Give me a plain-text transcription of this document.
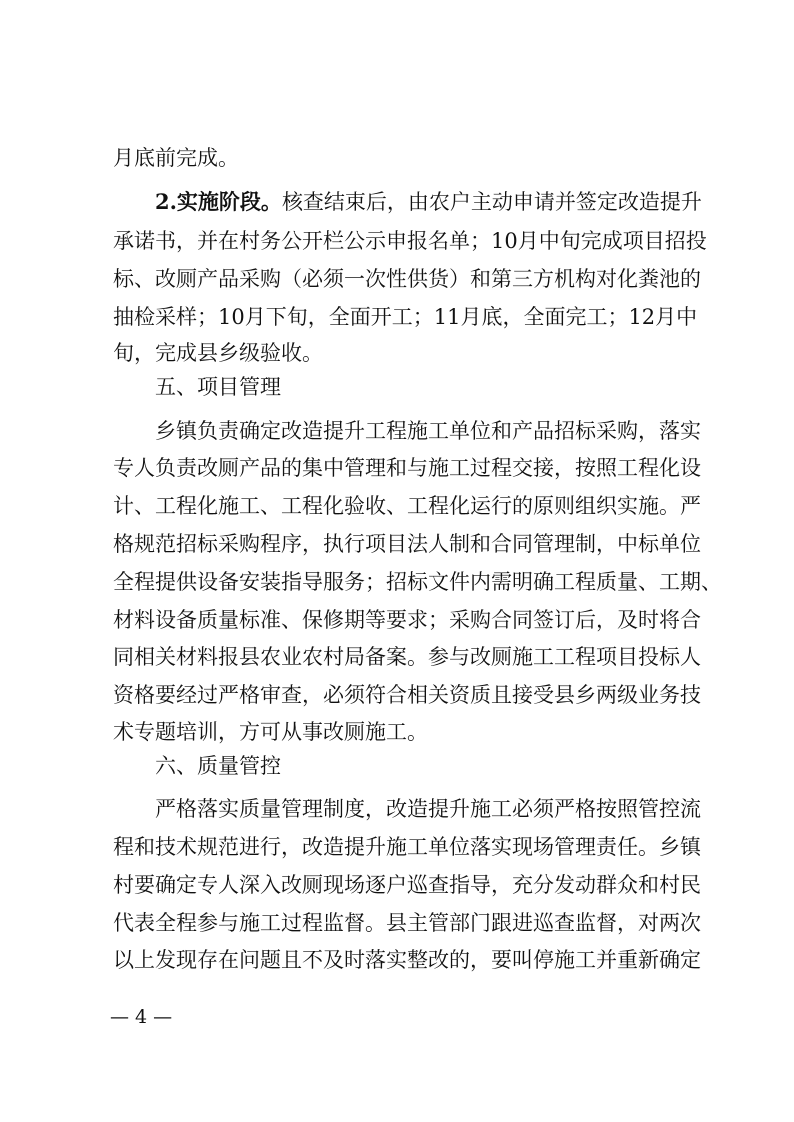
月底前完成。
2.实施阶段。核查结束后，由农户主动申请并签定改造提升
承诺书，并在村务公开栏公示申报名单；10月中旬完成项目招投
标、改厕产品采购（必须一次性供货）和第三方机构对化粪池的
抽检采样；10月下旬，全面开工；11月底，全面完工；12月中
旬，完成县乡级验收。
五、项目管理
乡镇负责确定改造提升工程施工单位和产品招标采购，落实
专人负责改厕产品的集中管理和与施工过程交接，按照工程化设
计、工程化施工、工程化验收、工程化运行的原则组织实施。严
格规范招标采购程序，执行项目法人制和合同管理制，中标单位
全程提供设备安装指导服务；招标文件内需明确工程质量、工期、
材料设备质量标准、保修期等要求；采购合同签订后，及时将合
同相关材料报县农业农村局备案。参与改厕施工工程项目投标人
资格要经过严格审查，必须符合相关资质且接受县乡两级业务技
术专题培训，方可从事改厕施工。
六、质量管控
严格落实质量管理制度，改造提升施工必须严格按照管控流
程和技术规范进行，改造提升施工单位落实现场管理责任。乡镇
村要确定专人深入改厕现场逐户巡查指导，充分发动群众和村民
代表全程参与施工过程监督。县主管部门跟进巡查监督，对两次
以上发现存在问题且不及时落实整改的，要叫停施工并重新确定
— 4 —
